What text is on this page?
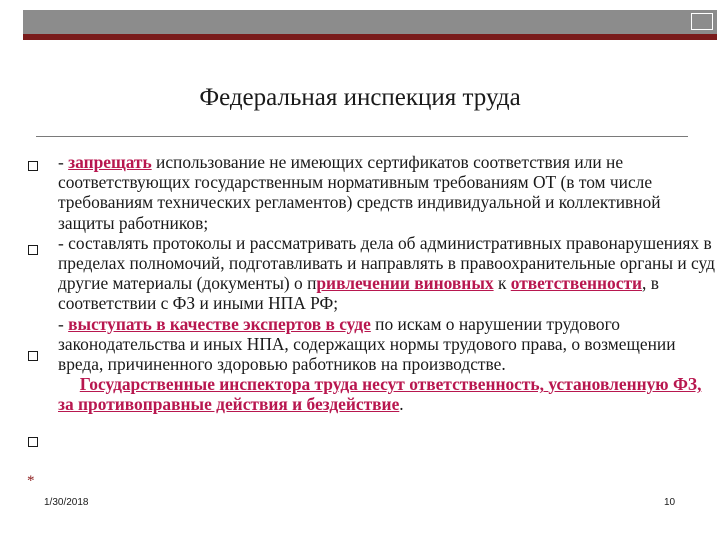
Федеральная инспекция труда
*

- запрещать использование не имеющих сертификатов соответствия или не соответствующих государственным нормативным требованиям ОТ (в том числе требованиям технических регламентов) средств индивидуальной и коллективной защиты работников;

- составлять протоколы и рассматривать дела об административных правонарушениях в пределах полномочий, подготавливать и направлять в правоохранительные органы и суд другие материалы (документы) о привлечении виновных к ответственности, в соответствии с ФЗ и иными НПА РФ;

- выступать в качестве экспертов в суде по искам о нарушении трудового законодательства и иных НПА, содержащих нормы трудового права, о возмещении вреда, причиненного здоровью работников на производстве.

Государственные инспектора труда несут ответственность, установленную ФЗ, за противоправные действия и бездействие.

1/30/2018	10
